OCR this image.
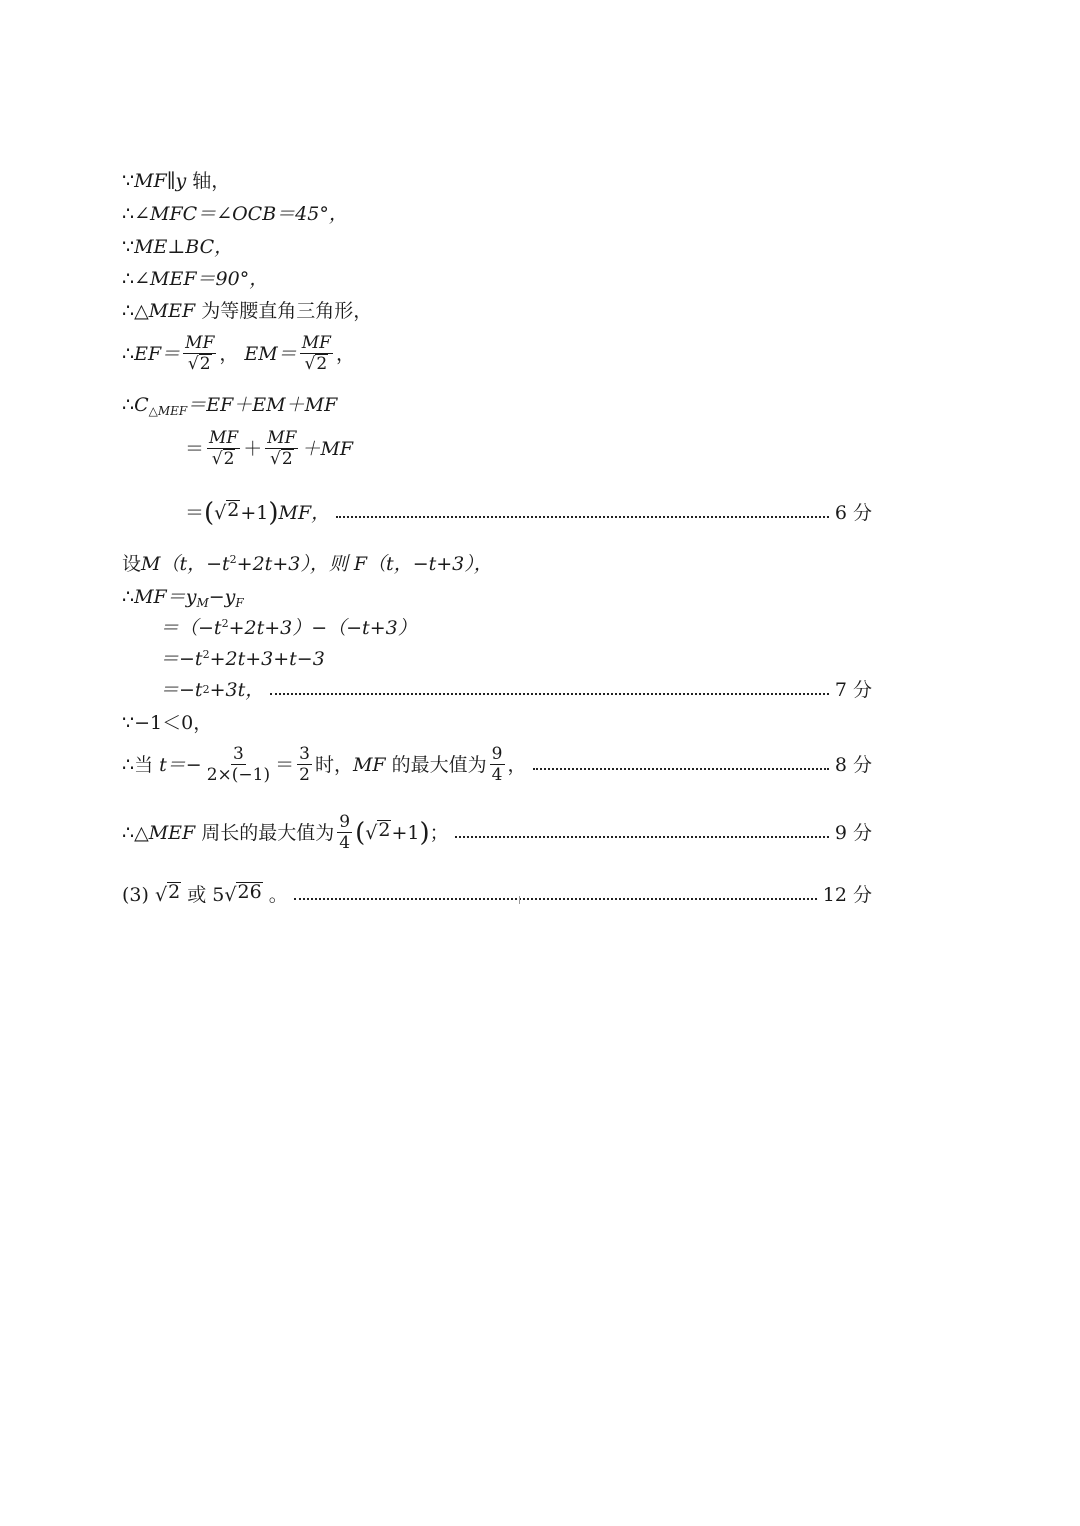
∵MF∥y 轴，
∴∠MFC＝∠OCB＝45°，
∵ME⊥BC，
∴∠MEF＝90°，
∴△MEF 为等腰直角三角形，
∴ $EF= \frac{MF}{√ 2}$ ，
$EM= \frac{MF}{√ 2}$ ，
$\therefore C_{\triangle MEF}=EF+EM+MF$
＝ $\frac{MF}{√ 2} + \frac{MF}{√ 2} +MF$
＝ ( √ 2 +1 ) MF，	6 分
设M（t，$-t^2+2t+3$），则 F（t，−t+3），
$\therefore MF=y_M-y_F$
$=(-t^2+2t+3)-(-t+3)$
$=-t^2+2t+3+t-3$
＝−t 2 +3t，	7 分
∵−1＜0，
∴ 当
$t=- \frac{3}{2\times(-1)} = \frac{3}{2}$ 时， MF
的最大值为 $\frac{9}{4}$ ，	8 分
∴ △MEF
周长的最大值为 $\frac{9}{4}$ ( √ 2 +1 ) ；	9 分
(3)
√ 2
或
5 √ 26
。	12 分
